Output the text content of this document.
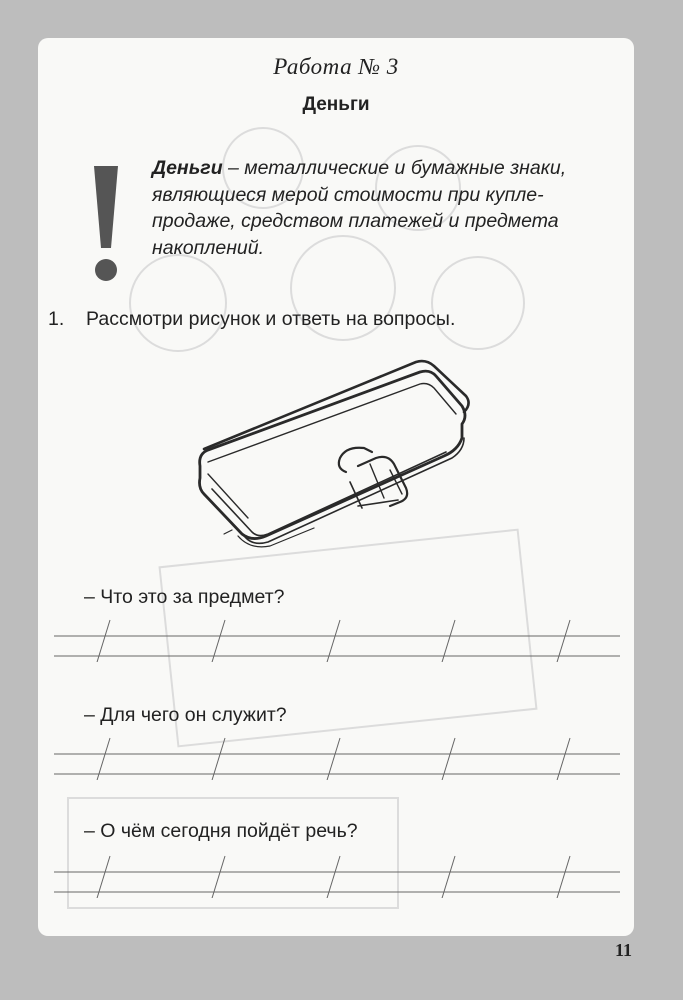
Работа № 3
Деньги
Деньги – металлические и бумажные знаки, являющиеся мерой стоимости при купле-продаже, средством платежей и предмета накоплений.
1. Рассмотри рисунок и ответь на вопросы.
– Что это за предмет?
– Для чего он служит?
– О чём сегодня пойдёт речь?
11
